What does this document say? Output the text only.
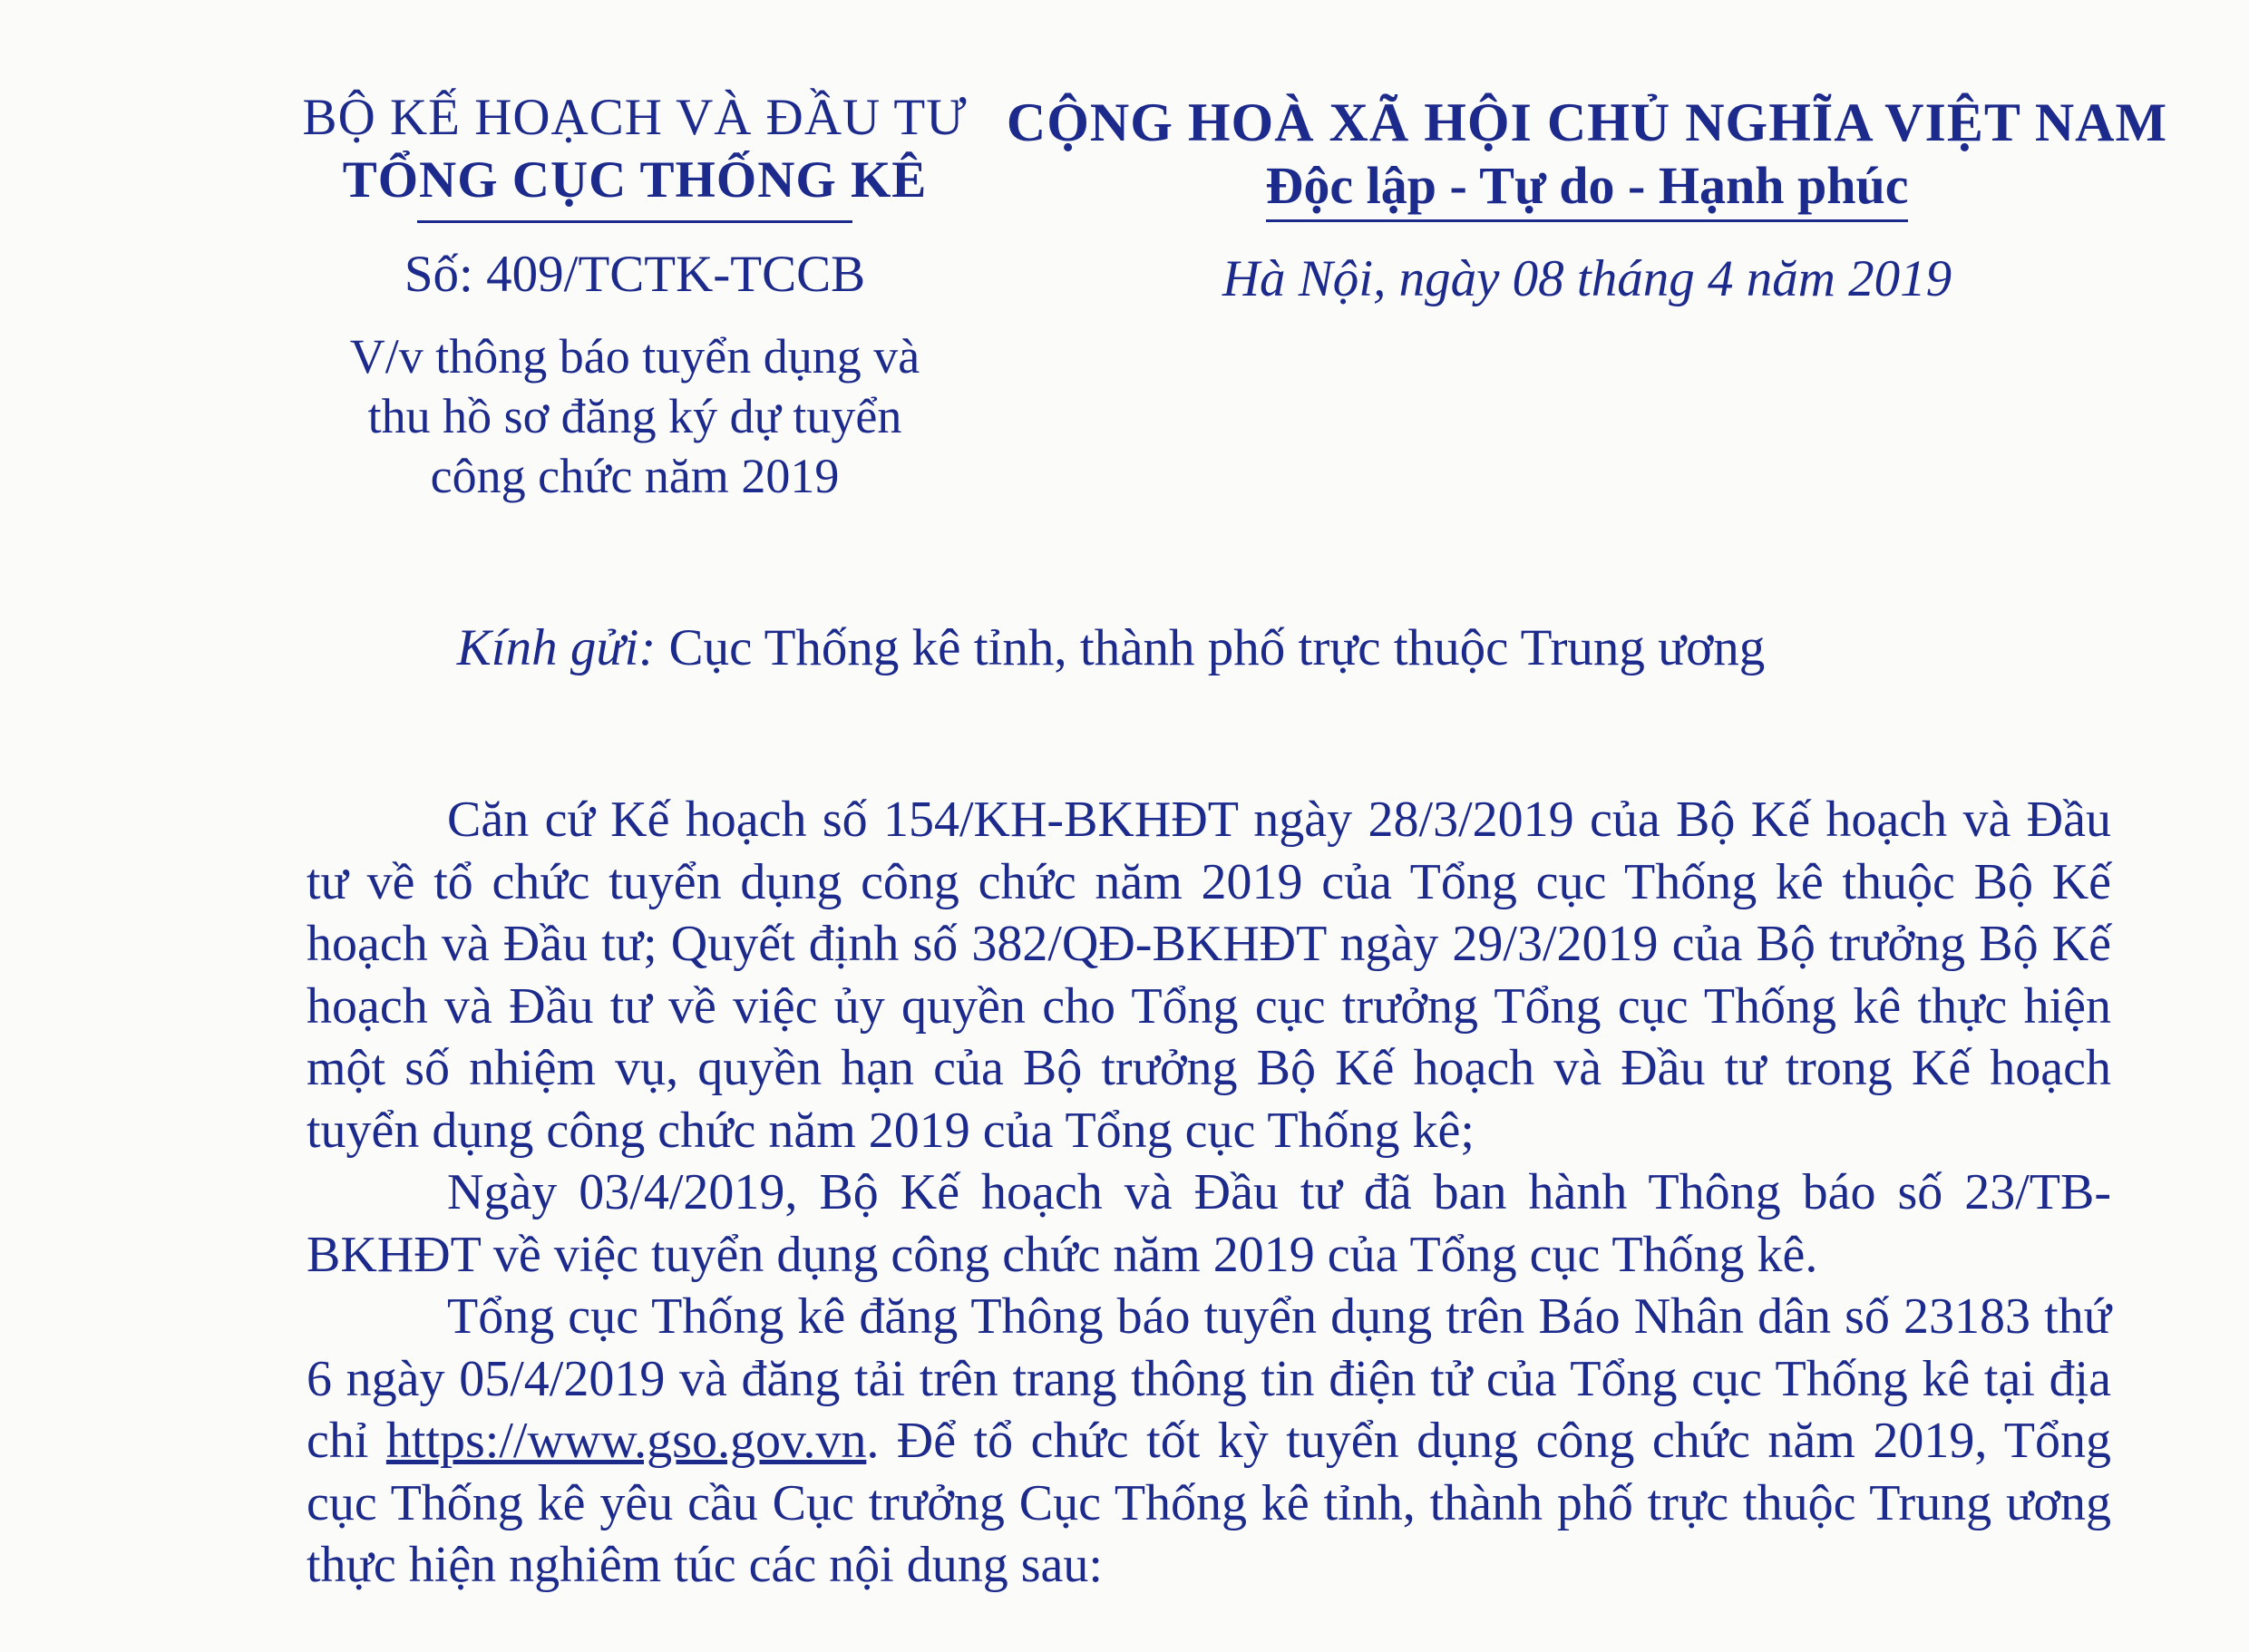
BỘ KẾ HOẠCH VÀ ĐẦU TƯ
TỔNG CỤC THỐNG KÊ
Số: 409/TCTK-TCCB
V/v thông báo tuyển dụng và
thu hồ sơ đăng ký dự tuyển
công chức năm 2019
CỘNG HOÀ XÃ HỘI CHỦ NGHĨA VIỆT NAM
Độc lập - Tự do - Hạnh phúc
Hà Nội, ngày 08 tháng 4 năm 2019
Kính gửi: Cục Thống kê tỉnh, thành phố trực thuộc Trung ương

Căn cứ Kế hoạch số 154/KH-BKHĐT ngày 28/3/2019 của Bộ Kế hoạch và Đầu tư về tổ chức tuyển dụng công chức năm 2019 của Tổng cục Thống kê thuộc Bộ Kế hoạch và Đầu tư; Quyết định số 382/QĐ-BKHĐT ngày 29/3/2019 của Bộ trưởng Bộ Kế hoạch và Đầu tư về việc ủy quyền cho Tổng cục trưởng Tổng cục Thống kê thực hiện một số nhiệm vụ, quyền hạn của Bộ trưởng Bộ Kế hoạch và Đầu tư trong Kế hoạch tuyển dụng công chức năm 2019 của Tổng cục Thống kê;

Ngày 03/4/2019, Bộ Kế hoạch và Đầu tư đã ban hành Thông báo số 23/TB-BKHĐT về việc tuyển dụng công chức năm 2019 của Tổng cục Thống kê.

Tổng cục Thống kê đăng Thông báo tuyển dụng trên Báo Nhân dân số 23183 thứ 6 ngày 05/4/2019 và đăng tải trên trang thông tin điện tử của Tổng cục Thống kê tại địa chỉ https://www.gso.gov.vn. Để tổ chức tốt kỳ tuyển dụng công chức năm 2019, Tổng cục Thống kê yêu cầu Cục trưởng Cục Thống kê tỉnh, thành phố trực thuộc Trung ương thực hiện nghiêm túc các nội dung sau:
